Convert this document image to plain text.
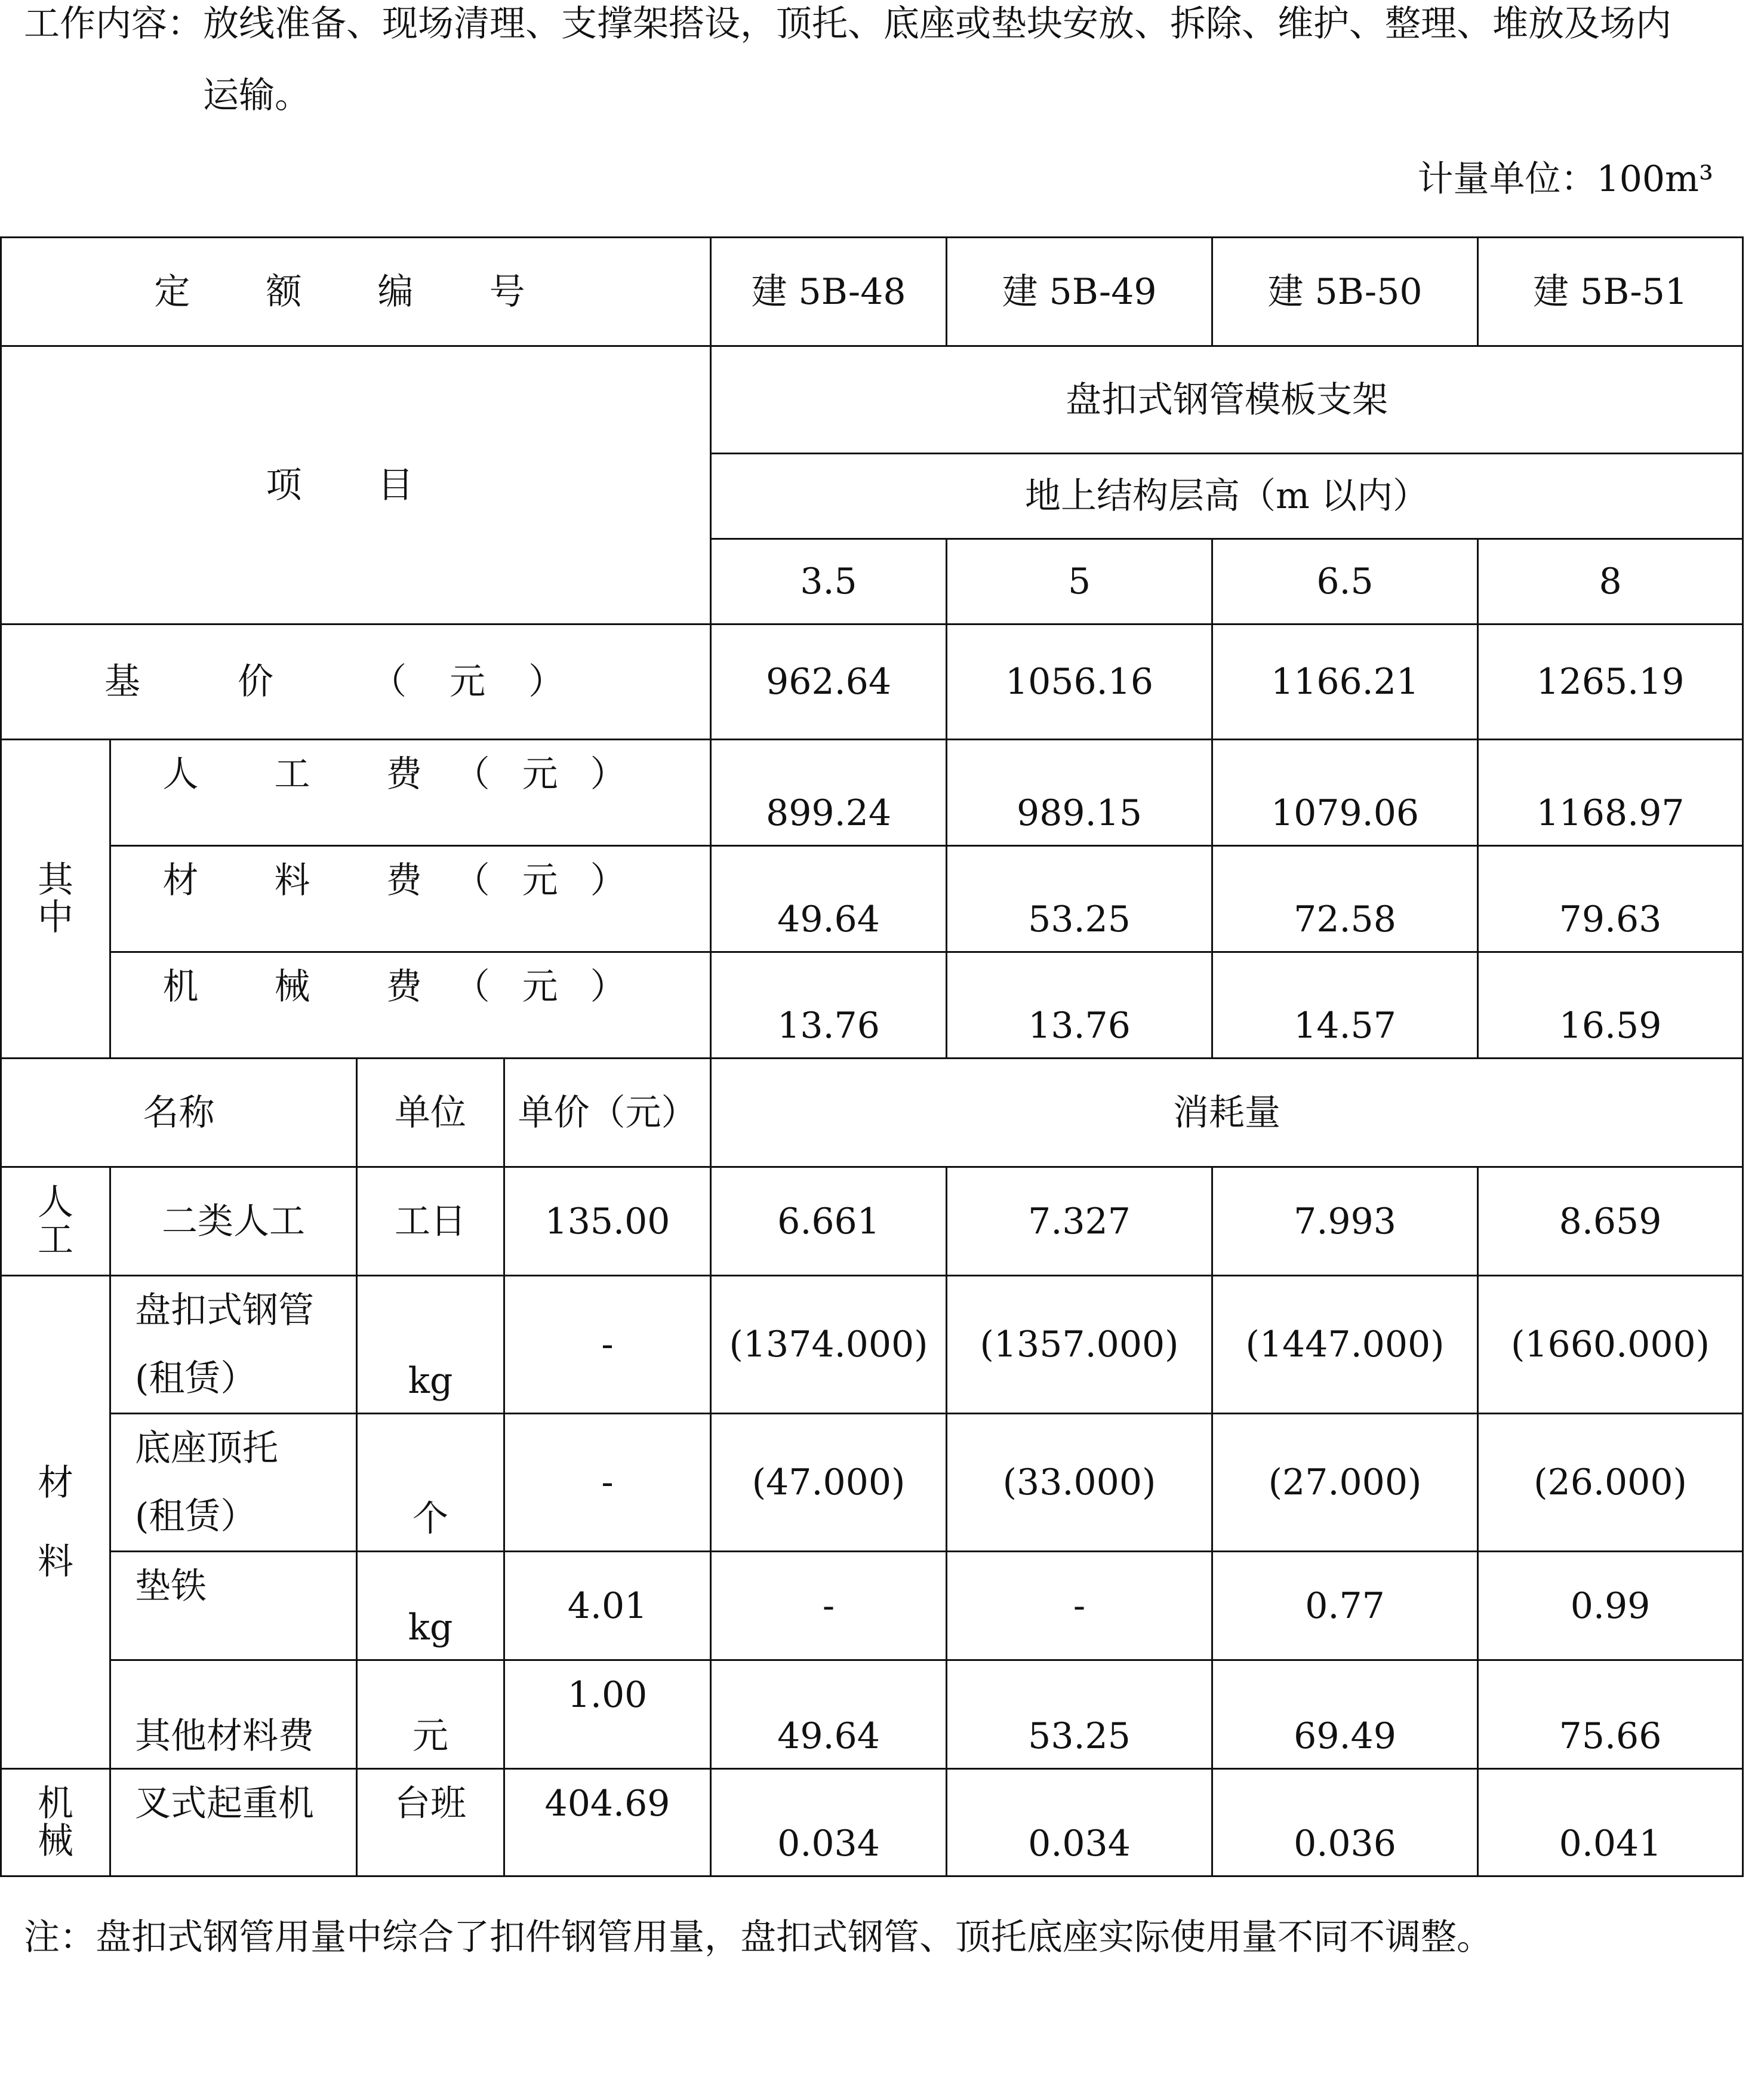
工作内容：放线准备、现场清理、支撑架搭设，顶托、底座或垫块安放、拆除、维护、整理、堆放及场内
运输。
计量单位：100m³
定 额 编 号				建 5B-48	建 5B-49	建 5B-50	建 5B-51
项 目				盘扣式钢管模板支架			
				地上结构层高（m 以内）			
				3.5	5	6.5	8
基 价 （元）				962.64	1056.16	1166.21	1265.19
其中	人 工 费（元）			899.24	989.15	1079.06	1168.97
	材 料 费（元）			49.64	53.25	72.58	79.63
	机 械 费（元）			13.76	13.76	14.57	16.59
名称		单位	单价（元）	消耗量			
人工	二类人工	工日	135.00	6.661	7.327	7.993	8.659
材料	盘扣式钢管(租赁）	kg	-	(1374.000)	(1357.000)	(1447.000)	(1660.000)
	底座顶托(租赁）	个	-	(47.000)	(33.000)	(27.000)	(26.000)
	垫铁	kg	4.01	-	-	0.77	0.99
	其他材料费	元	1.00	49.64	53.25	69.49	75.66
机械	叉式起重机	台班	404.69	0.034	0.034	0.036	0.041
注：盘扣式钢管用量中综合了扣件钢管用量，盘扣式钢管、顶托底座实际使用量不同不调整。
